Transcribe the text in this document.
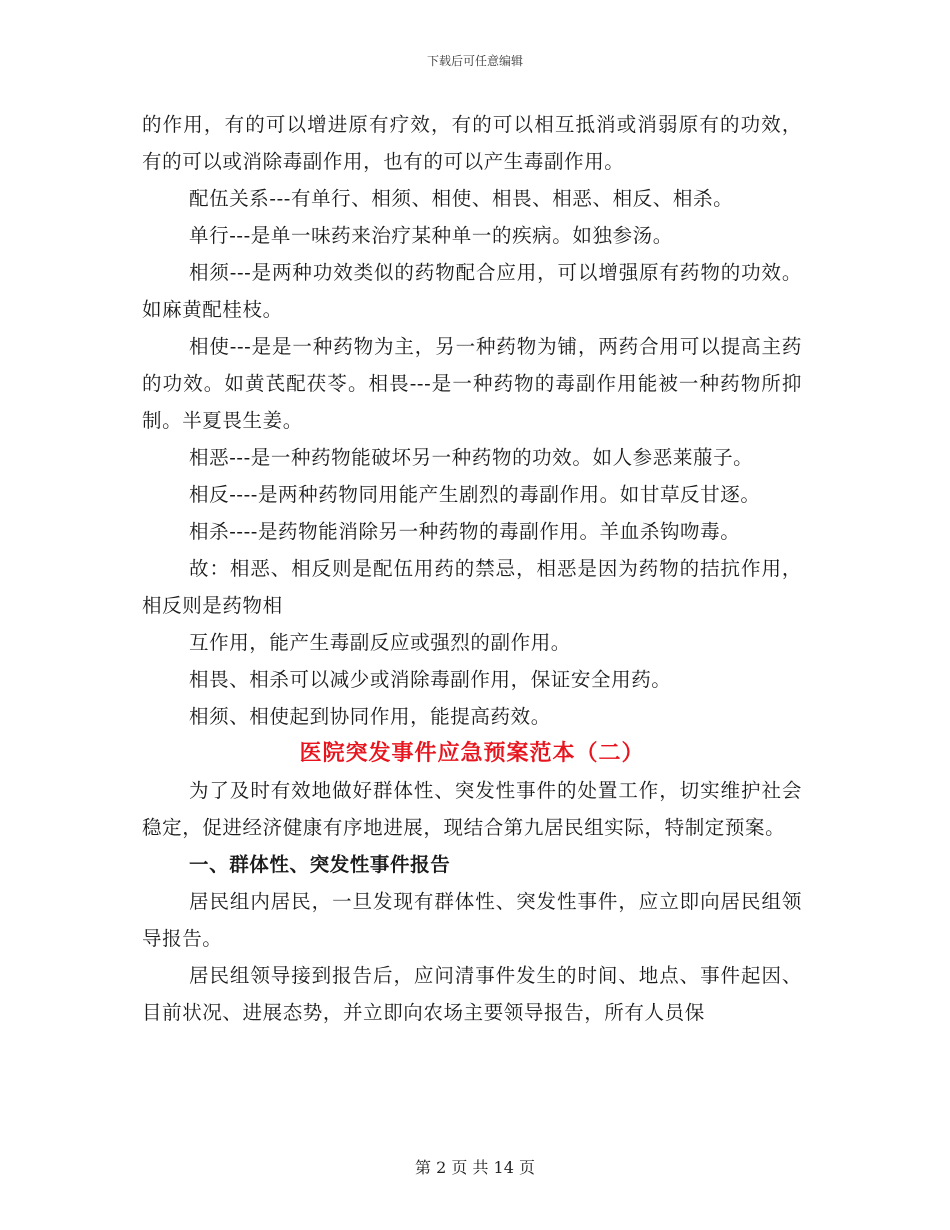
下载后可任意编辑

的作用，有的可以增进原有疗效，有的可以相互抵消或消弱原有的功效，有的可以或消除毒副作用，也有的可以产生毒副作用。

配伍关系---有单行、相须、相使、相畏、相恶、相反、相杀。

单行---是单一味药来治疗某种单一的疾病。如独参汤。

相须---是两种功效类似的药物配合应用，可以增强原有药物的功效。如麻黄配桂枝。

相使---是是一种药物为主，另一种药物为铺，两药合用可以提高主药的功效。如黄芪配茯苓。相畏---是一种药物的毒副作用能被一种药物所抑制。半夏畏生姜。

相恶---是一种药物能破坏另一种药物的功效。如人参恶莱菔子。

相反----是两种药物同用能产生剧烈的毒副作用。如甘草反甘逐。

相杀----是药物能消除另一种药物的毒副作用。羊血杀钩吻毒。

故：相恶、相反则是配伍用药的禁忌，相恶是因为药物的拮抗作用，相反则是药物相

互作用，能产生毒副反应或强烈的副作用。

相畏、相杀可以减少或消除毒副作用，保证安全用药。

相须、相使起到协同作用，能提高药效。

医院突发事件应急预案范本（二）

为了及时有效地做好群体性、突发性事件的处置工作，切实维护社会稳定，促进经济健康有序地进展，现结合第九居民组实际，特制定预案。

一、群体性、突发性事件报告

居民组内居民，一旦发现有群体性、突发性事件，应立即向居民组领导报告。

居民组领导接到报告后，应问清事件发生的时间、地点、事件起因、目前状况、进展态势，并立即向农场主要领导报告，所有人员保

第 2 页 共 14 页
